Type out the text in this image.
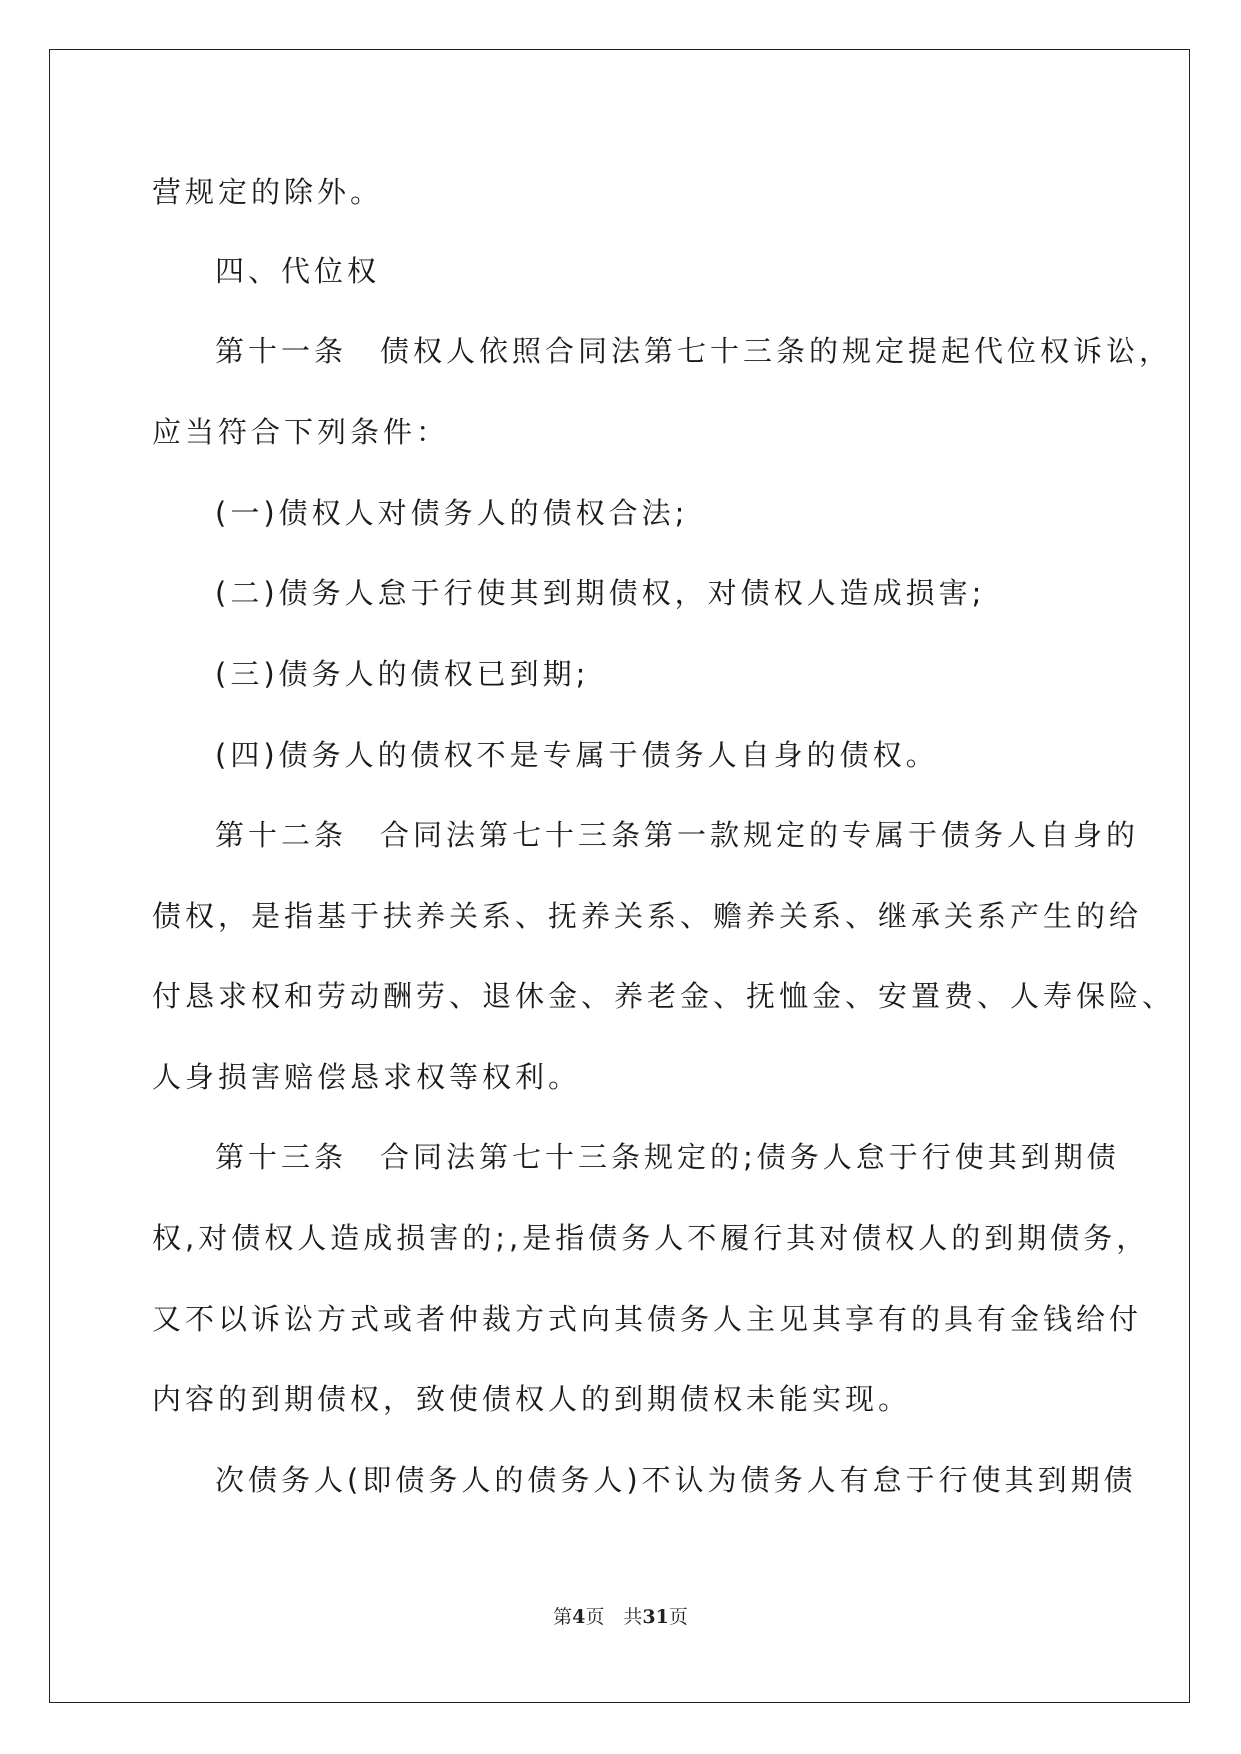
营规定的除外。
四、代位权
第十一条　债权人依照合同法第七十三条的规定提起代位权诉讼，
应当符合下列条件：
(一)债权人对债务人的债权合法;
(二)债务人怠于行使其到期债权，对债权人造成损害;
(三)债务人的债权已到期;
(四)债务人的债权不是专属于债务人自身的债权。
第十二条　合同法第七十三条第一款规定的专属于债务人自身的
债权，是指基于扶养关系、抚养关系、赡养关系、继承关系产生的给
付恳求权和劳动酬劳、退休金、养老金、抚恤金、安置费、人寿保险、
人身损害赔偿恳求权等权利。
第十三条　合同法第七十三条规定的;债务人怠于行使其到期债
权,对债权人造成损害的;,是指债务人不履行其对债权人的到期债务，
又不以诉讼方式或者仲裁方式向其债务人主见其享有的具有金钱给付
内容的到期债权，致使债权人的到期债权未能实现。
次债务人(即债务人的债务人)不认为债务人有怠于行使其到期债
第4页　共31页
